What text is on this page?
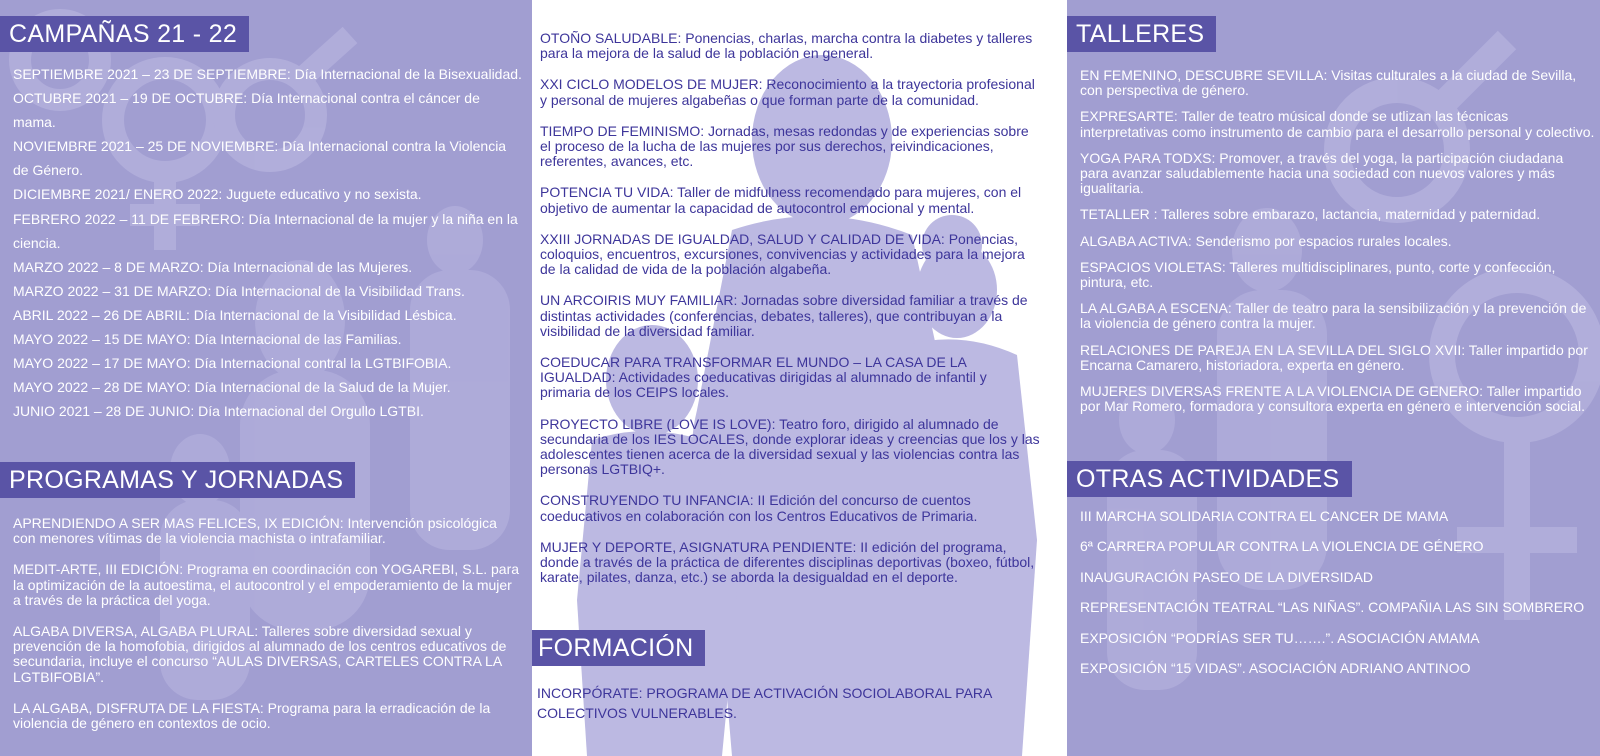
CAMPAÑAS 21 - 22

SEPTIEMBRE 2021 – 23 DE SEPTIEMBRE: Día Internacional de la Bisexualidad.

OCTUBRE 2021 – 19 DE OCTUBRE: Día Internacional contra el cáncer de mama.

NOVIEMBRE 2021 – 25 DE NOVIEMBRE: Día Internacional contra la Violencia de Género.

DICIEMBRE 2021/ ENERO 2022: Juguete educativo y no sexista.

FEBRERO 2022 – 11 DE FEBRERO: Día Internacional de la mujer y la niña en la ciencia.

MARZO 2022 – 8 DE MARZO: Día Internacional de las Mujeres.

MARZO 2022 – 31 DE MARZO: Día Internacional de la Visibilidad Trans.

ABRIL 2022 – 26 DE ABRIL: Día Internacional de la Visibilidad Lésbica.

MAYO 2022 – 15 DE MAYO: Día Internacional de las Familias.

MAYO 2022 – 17 DE MAYO: Día Internacional contral la LGTBIFOBIA.

MAYO 2022 – 28 DE MAYO: Día Internacional de la Salud de la Mujer.

JUNIO 2021 – 28 DE JUNIO: Día Internacional del Orgullo LGTBI.

PROGRAMAS Y JORNADAS

APRENDIENDO A SER MAS FELICES, IX EDICIÓN: Intervención psicológica con menores vítimas de la violencia machista o intrafamiliar.

MEDIT-ARTE, III EDICIÓN: Programa en coordinación con YOGAREBI, S.L. para la optimización de la autoestima, el autocontrol y el empoderamiento de la mujer a través de la práctica del yoga.

ALGABA DIVERSA, ALGABA PLURAL: Talleres sobre diversidad sexual y prevención de la homofobia, dirigidos al alumnado de los centros educativos de secundaria, incluye el concurso “AULAS DIVERSAS, CARTELES CONTRA LA LGTBIFOBIA”.

LA ALGABA, DISFRUTA DE LA FIESTA: Programa para la erradicación de la violencia de género en contextos de ocio.

OTOÑO SALUDABLE: Ponencias, charlas, marcha contra la diabetes y talleres para la mejora de la salud de la población en general.

XXI CICLO MODELOS DE MUJER: Reconocimiento a la trayectoria profesional y personal de mujeres algabeñas o que forman parte de la comunidad.

TIEMPO DE FEMINISMO: Jornadas, mesas redondas y de experiencias sobre el proceso de la lucha de las mujeres por sus derechos, reivindicaciones, referentes, avances, etc.

POTENCIA TU VIDA: Taller de midfulness recomendado para mujeres, con el objetivo de aumentar la capacidad de autocontrol emocional y mental.

XXIII JORNADAS DE IGUALDAD, SALUD Y CALIDAD DE VIDA: Ponencias, coloquios, encuentros, excursiones, convivencias y actividades para la mejora de la calidad de vida de la población algabeña.

UN ARCOIRIS MUY FAMILIAR: Jornadas sobre diversidad familiar a través de distintas actividades (conferencias, debates, talleres), que contribuyan a la visibilidad de la diversidad familiar.

COEDUCAR PARA TRANSFORMAR EL MUNDO – LA CASA DE LA IGUALDAD: Actividades coeducativas dirigidas al alumnado de infantil y primaria de los CEIPS locales.

PROYECTO LIBRE (LOVE IS LOVE): Teatro foro, dirigido al alumnado de secundaria de los IES LOCALES, donde explorar ideas y creencias que los y las adolescentes tienen acerca de la diversidad sexual y las violencias contra las personas LGTBIQ+.

CONSTRUYENDO TU INFANCIA: II Edición del concurso de cuentos coeducativos en colaboración con los Centros Educativos de Primaria.

MUJER Y DEPORTE, ASIGNATURA PENDIENTE: II edición del programa, donde a través de la práctica de diferentes disciplinas deportivas (boxeo, fútbol, karate, pilates, danza, etc.) se aborda la desigualdad en el deporte.

FORMACIÓN

INCORPÓRATE: PROGRAMA DE ACTIVACIÓN SOCIOLABORAL PARA COLECTIVOS VULNERABLES.

TALLERES

EN FEMENINO, DESCUBRE SEVILLA: Visitas culturales a la ciudad de Sevilla, con perspectiva de género.

EXPRESARTE: Taller de teatro músical donde se utlizan las técnicas interpretativas como instrumento de cambio para el desarrollo personal y colectivo.

YOGA PARA TODXS: Promover, a través del yoga, la participación ciudadana para avanzar saludablemente hacia una sociedad con nuevos valores y más igualitaria.

TETALLER : Talleres sobre embarazo, lactancia, maternidad y paternidad.

ALGABA ACTIVA: Senderismo por espacios rurales locales.

ESPACIOS VIOLETAS: Talleres multidisciplinares, punto, corte y confección, pintura, etc.

LA ALGABA A ESCENA: Taller de teatro para la sensibilización y la prevención de la violencia de género contra la mujer.

RELACIONES DE PAREJA EN LA SEVILLA DEL SIGLO XVII: Taller impartido por Encarna Camarero, historiadora, experta en género.

MUJERES DIVERSAS FRENTE A LA VIOLENCIA DE GENERO: Taller impartido por Mar Romero, formadora y consultora experta en género e intervención social.

OTRAS ACTIVIDADES

III MARCHA SOLIDARIA CONTRA EL CANCER DE MAMA

6ª CARRERA POPULAR CONTRA LA VIOLENCIA DE GÉNERO

INAUGURACIÓN PASEO DE LA DIVERSIDAD

REPRESENTACIÓN TEATRAL “LAS NIÑAS”. COMPAÑIA LAS SIN SOMBRERO

EXPOSICIÓN “PODRÍAS SER TU…….”. ASOCIACIÓN AMAMA

EXPOSICIÓN “15 VIDAS”. ASOCIACIÓN ADRIANO ANTINOO
